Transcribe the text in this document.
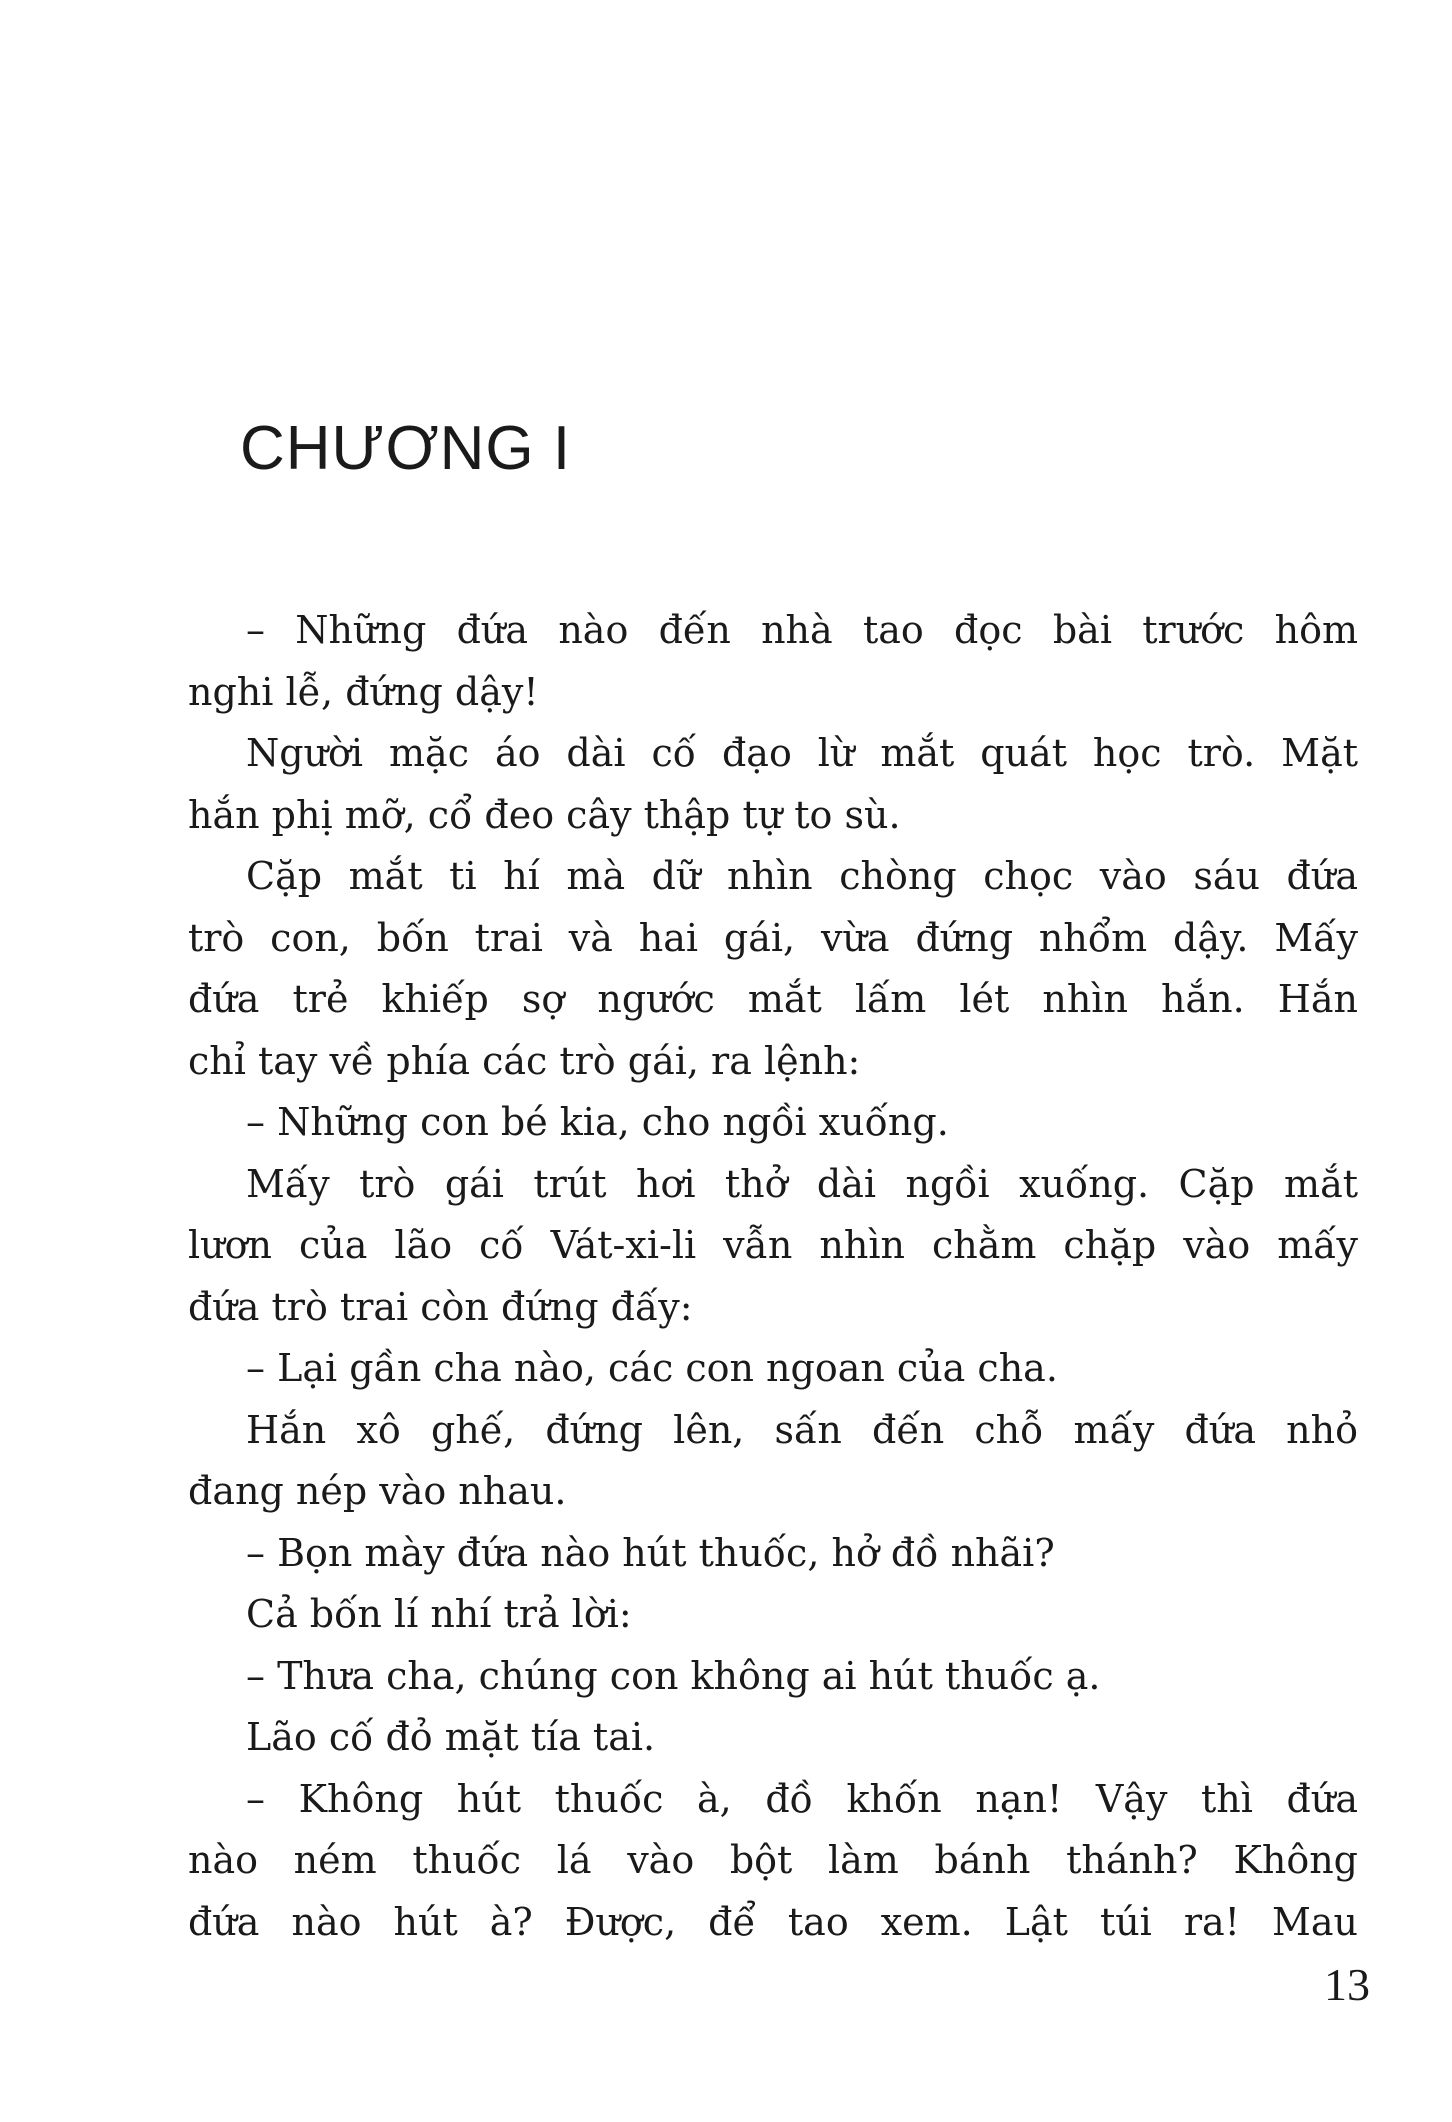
CHƯƠNG I

– Những đứa nào đến nhà tao đọc bài trước hôm

nghi lễ, đứng dậy!

Người mặc áo dài cố đạo lừ mắt quát học trò. Mặt

hắn phị mỡ, cổ đeo cây thập tự to sù.

Cặp mắt ti hí mà dữ nhìn chòng chọc vào sáu đứa

trò con, bốn trai và hai gái, vừa đứng nhổm dậy. Mấy

đứa trẻ khiếp sợ ngước mắt lấm lét nhìn hắn. Hắn

chỉ tay về phía các trò gái, ra lệnh:

– Những con bé kia, cho ngồi xuống.

Mấy trò gái trút hơi thở dài ngồi xuống. Cặp mắt

lươn của lão cố Vát-xi-li vẫn nhìn chằm chặp vào mấy

đứa trò trai còn đứng đấy:

– Lại gần cha nào, các con ngoan của cha.

Hắn xô ghế, đứng lên, sấn đến chỗ mấy đứa nhỏ

đang nép vào nhau.

– Bọn mày đứa nào hút thuốc, hở đồ nhãi?

Cả bốn lí nhí trả lời:

– Thưa cha, chúng con không ai hút thuốc ạ.

Lão cố đỏ mặt tía tai.

– Không hút thuốc à, đồ khốn nạn! Vậy thì đứa

nào ném thuốc lá vào bột làm bánh thánh? Không

đứa nào hút à? Được, để tao xem. Lật túi ra! Mau

13
